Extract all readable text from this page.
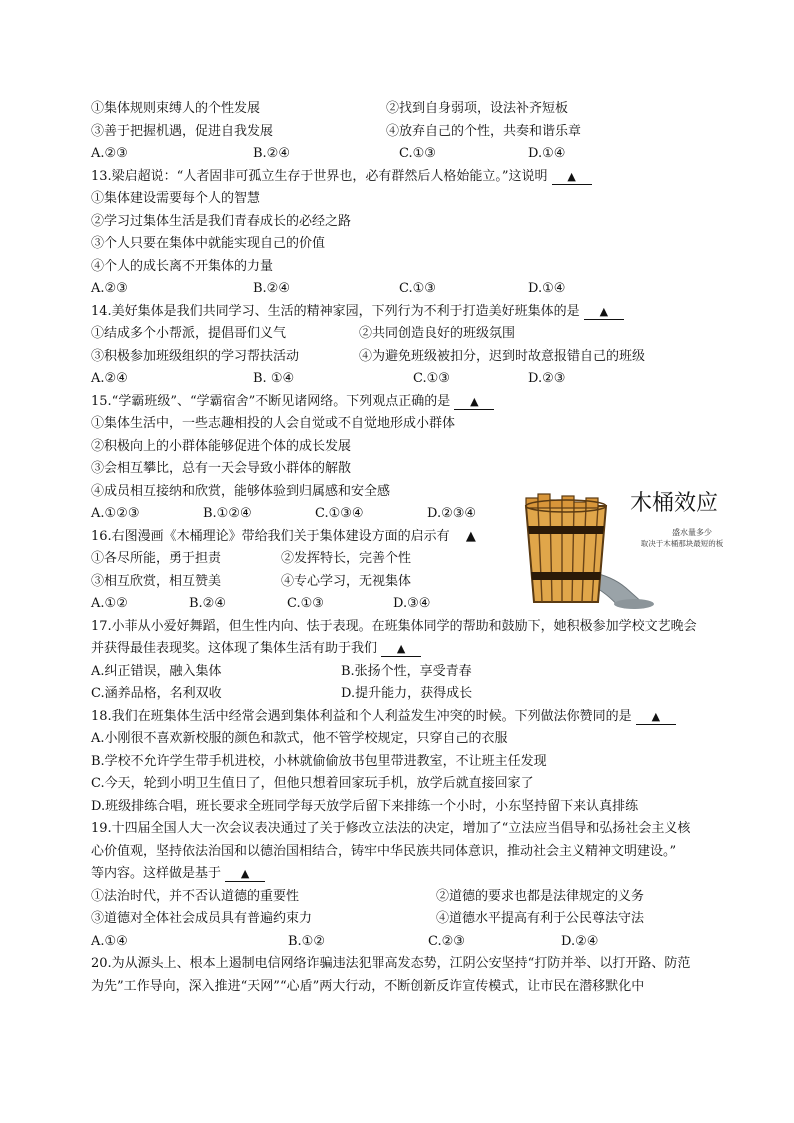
①集体规则束缚人的个性发展	②找到自身弱项，设法补齐短板
③善于把握机遇，促进自我发展	④放弃自己的个性，共奏和谐乐章
A.②③	B.②④	C.①③	D.①④
13.梁启超说：“人者固非可孤立生存于世界也，必有群然后人格始能立。”这说明 ▲
①集体建设需要每个人的智慧
②学习过集体生活是我们青春成长的必经之路
③个人只要在集体中就能实现自己的价值
④个人的成长离不开集体的力量
A.②③	B.②④	C.①③	D.①④
14.美好集体是我们共同学习、生活的精神家园，下列行为不利于打造美好班集体的是 ▲
①结成多个小帮派，提倡哥们义气	②共同创造良好的班级氛围
③积极参加班级组织的学习帮扶活动	④为避免班级被扣分，迟到时故意报错自己的班级
A.②④	B. ①④	C.①③	D.②③
15.“学霸班级”、“学霸宿舍”不断见诸网络。下列观点正确的是 ▲
①集体生活中，一些志趣相投的人会自觉或不自觉地形成小群体
②积极向上的小群体能够促进个体的成长发展
③会相互攀比，总有一天会导致小群体的解散
④成员相互接纳和欣赏，能够体验到归属感和安全感
A.①②③	B.①②④	C.①③④	D.②③④
16.右图漫画《木桶理论》带给我们关于集体建设方面的启示有 ▲
①各尽所能，勇于担责	②发挥特长，完善个性
③相互欣赏，相互赞美	④专心学习，无视集体
A.①②	B.②④	C.①③	D.③④
17.小菲从小爱好舞蹈，但生性内向、怯于表现。在班集体同学的帮助和鼓励下，她积极参加学校文艺晚会
并获得最佳表现奖。这体现了集体生活有助于我们 ▲
A.纠正错误，融入集体	B.张扬个性，享受青春
C.涵养品格，名利双收	D.提升能力，获得成长
18.我们在班集体生活中经常会遇到集体利益和个人利益发生冲突的时候。下列做法你赞同的是 ▲
A.小刚很不喜欢新校服的颜色和款式，他不管学校规定，只穿自己的衣服
B.学校不允许学生带手机进校，小林就偷偷放书包里带进教室，不让班主任发现
C.今天，轮到小明卫生值日了，但他只想着回家玩手机，放学后就直接回家了
D.班级排练合唱，班长要求全班同学每天放学后留下来排练一个小时，小东坚持留下来认真排练
19.十四届全国人大一次会议表决通过了关于修改立法法的决定，增加了“立法应当倡导和弘扬社会主义核
心价值观，坚持依法治国和以德治国相结合，铸牢中华民族共同体意识，推动社会主义精神文明建设。”
等内容。这样做是基于 ▲
①法治时代，并不否认道德的重要性	②道德的要求也都是法律规定的义务
③道德对全体社会成员具有普遍约束力	④道德水平提高有利于公民尊法守法
A.①④	B.①②	C.②③	D.②④
20.为从源头上、根本上遏制电信网络诈骗违法犯罪高发态势，江阴公安坚持“打防并举、以打开路、防范
为先”工作导向，深入推进“天网”“心盾”两大行动，不断创新反诈宣传模式，让市民在潜移默化中
木桶效应
盛水量多少
取决于木桶那块最短的板
